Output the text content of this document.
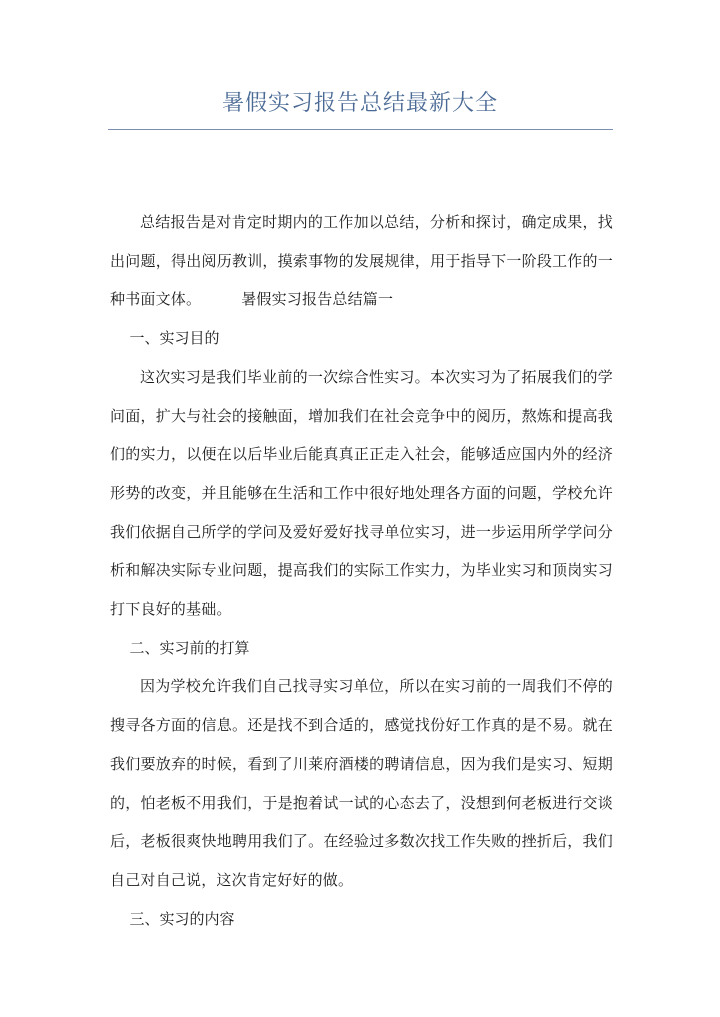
暑假实习报告总结最新大全

总结报告是对肯定时期内的工作加以总结，分析和探讨，确定成果，找出问题，得出阅历教训，摸索事物的发展规律，用于指导下一阶段工作的一种书面文体。	暑假实习报告总结篇一

一、实习目的

这次实习是我们毕业前的一次综合性实习。本次实习为了拓展我们的学问面，扩大与社会的接触面，增加我们在社会竞争中的阅历，熬炼和提高我们的实力，以便在以后毕业后能真真正正走入社会，能够适应国内外的经济形势的改变，并且能够在生活和工作中很好地处理各方面的问题，学校允许我们依据自己所学的学问及爱好爱好找寻单位实习，进一步运用所学学问分析和解决实际专业问题，提高我们的实际工作实力，为毕业实习和顶岗实习打下良好的基础。

二、实习前的打算

因为学校允许我们自己找寻实习单位，所以在实习前的一周我们不停的搜寻各方面的信息。还是找不到合适的，感觉找份好工作真的是不易。就在我们要放弃的时候，看到了川莱府酒楼的聘请信息，因为我们是实习、短期的，怕老板不用我们，于是抱着试一试的心态去了，没想到何老板进行交谈后，老板很爽快地聘用我们了。在经验过多数次找工作失败的挫折后，我们自己对自己说，这次肯定好好的做。

三、实习的内容
